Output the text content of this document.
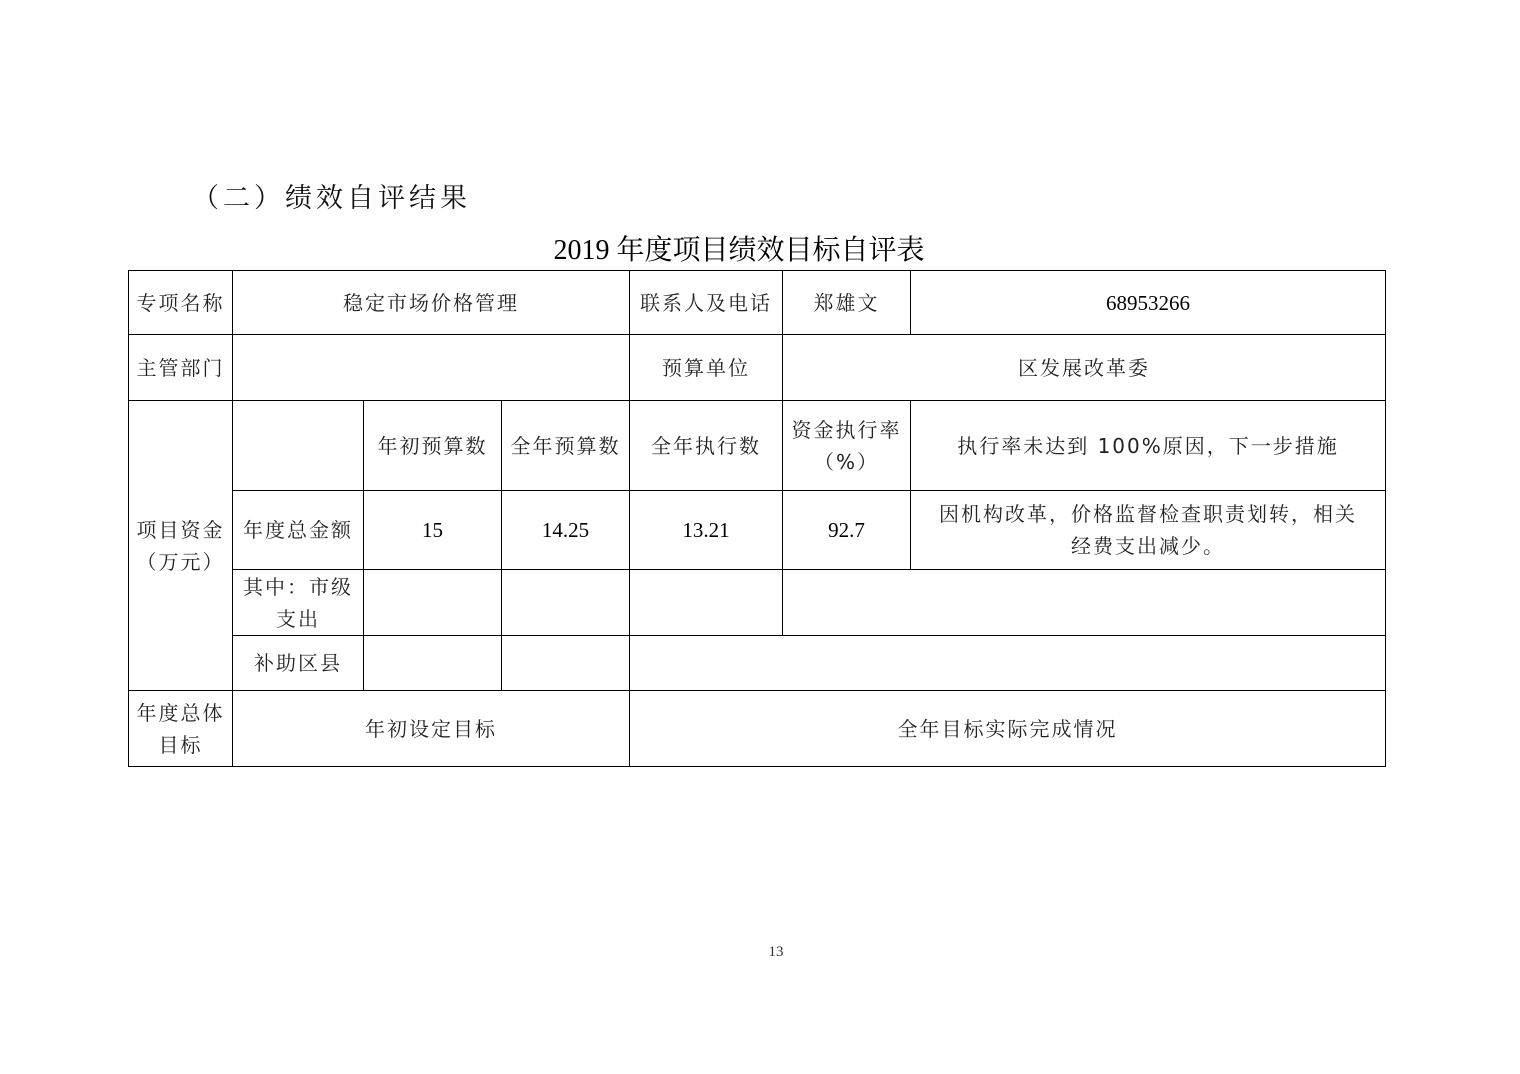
（二）绩效自评结果
2019 年度项目绩效目标自评表
专项名称	稳定市场价格管理			联系人及电话	郑雄文	68953266
主管部门				预算单位	区发展改革委	
项目资金（万元）		年初预算数	全年预算数	全年执行数	资金执行率（%）	执行率未达到 100%原因，下一步措施
	年度总金额	15	14.25	13.21	92.7	因机构改革，价格监督检查职责划转，相关经费支出减少。
	其中：市级支出					
	补助区县					
年度总体目标	年初设定目标			全年目标实际完成情况		
13
